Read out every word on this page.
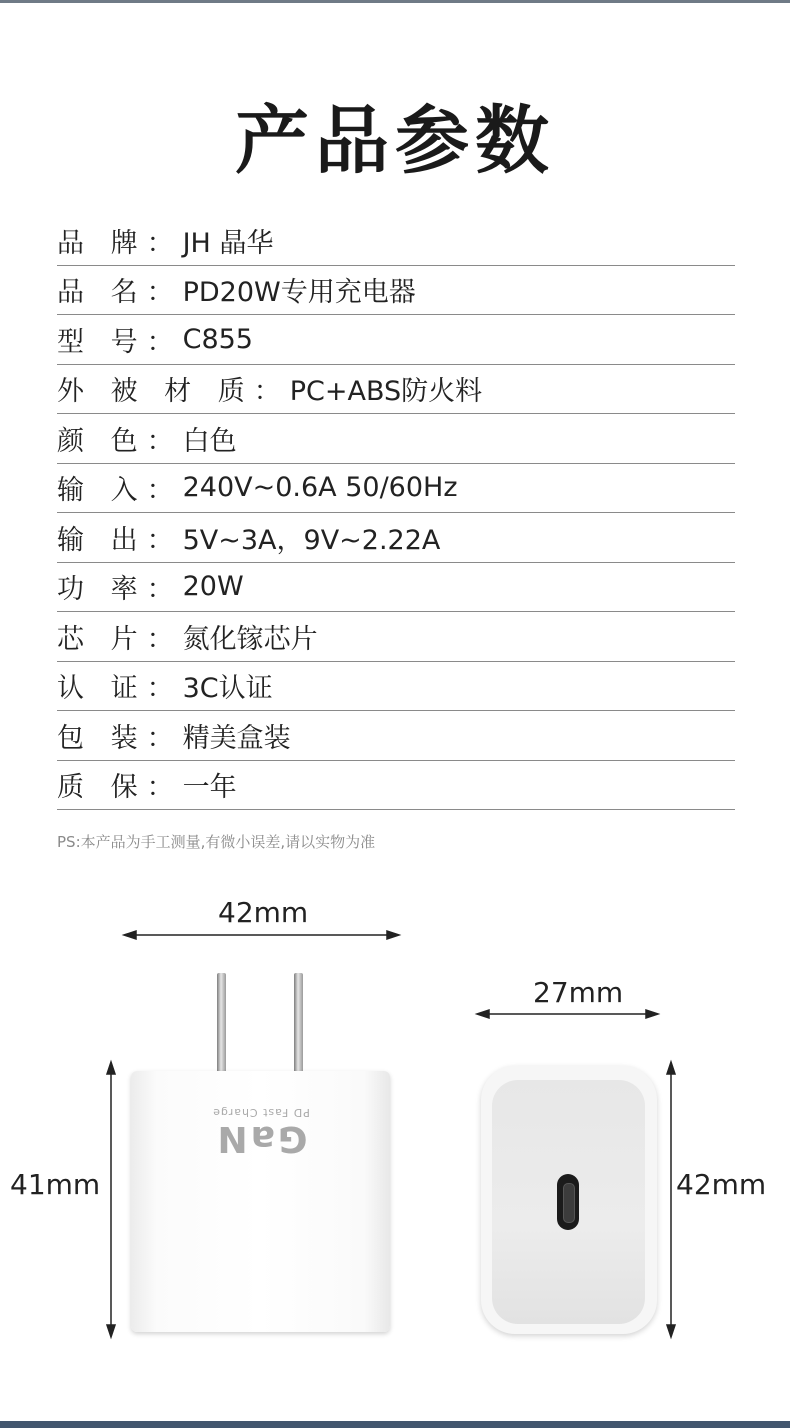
产品参数
品 牌： JH 晶华
品 名： PD20W专用充电器
型 号： C855
外 被 材 质： PC+ABS防火料
颜 色： 白色
输 入： 240V~0.6A 50/60Hz
输 出： 5V~3A，9V~2.22A
功 率： 20W
芯 片： 氮化镓芯片
认 证： 3C认证
包 装： 精美盒装
质 保： 一年
PS:本产品为手工测量,有微小误差,请以实物为准
42mm
41mm
27mm
42mm
GaN
PD Fast Charge
